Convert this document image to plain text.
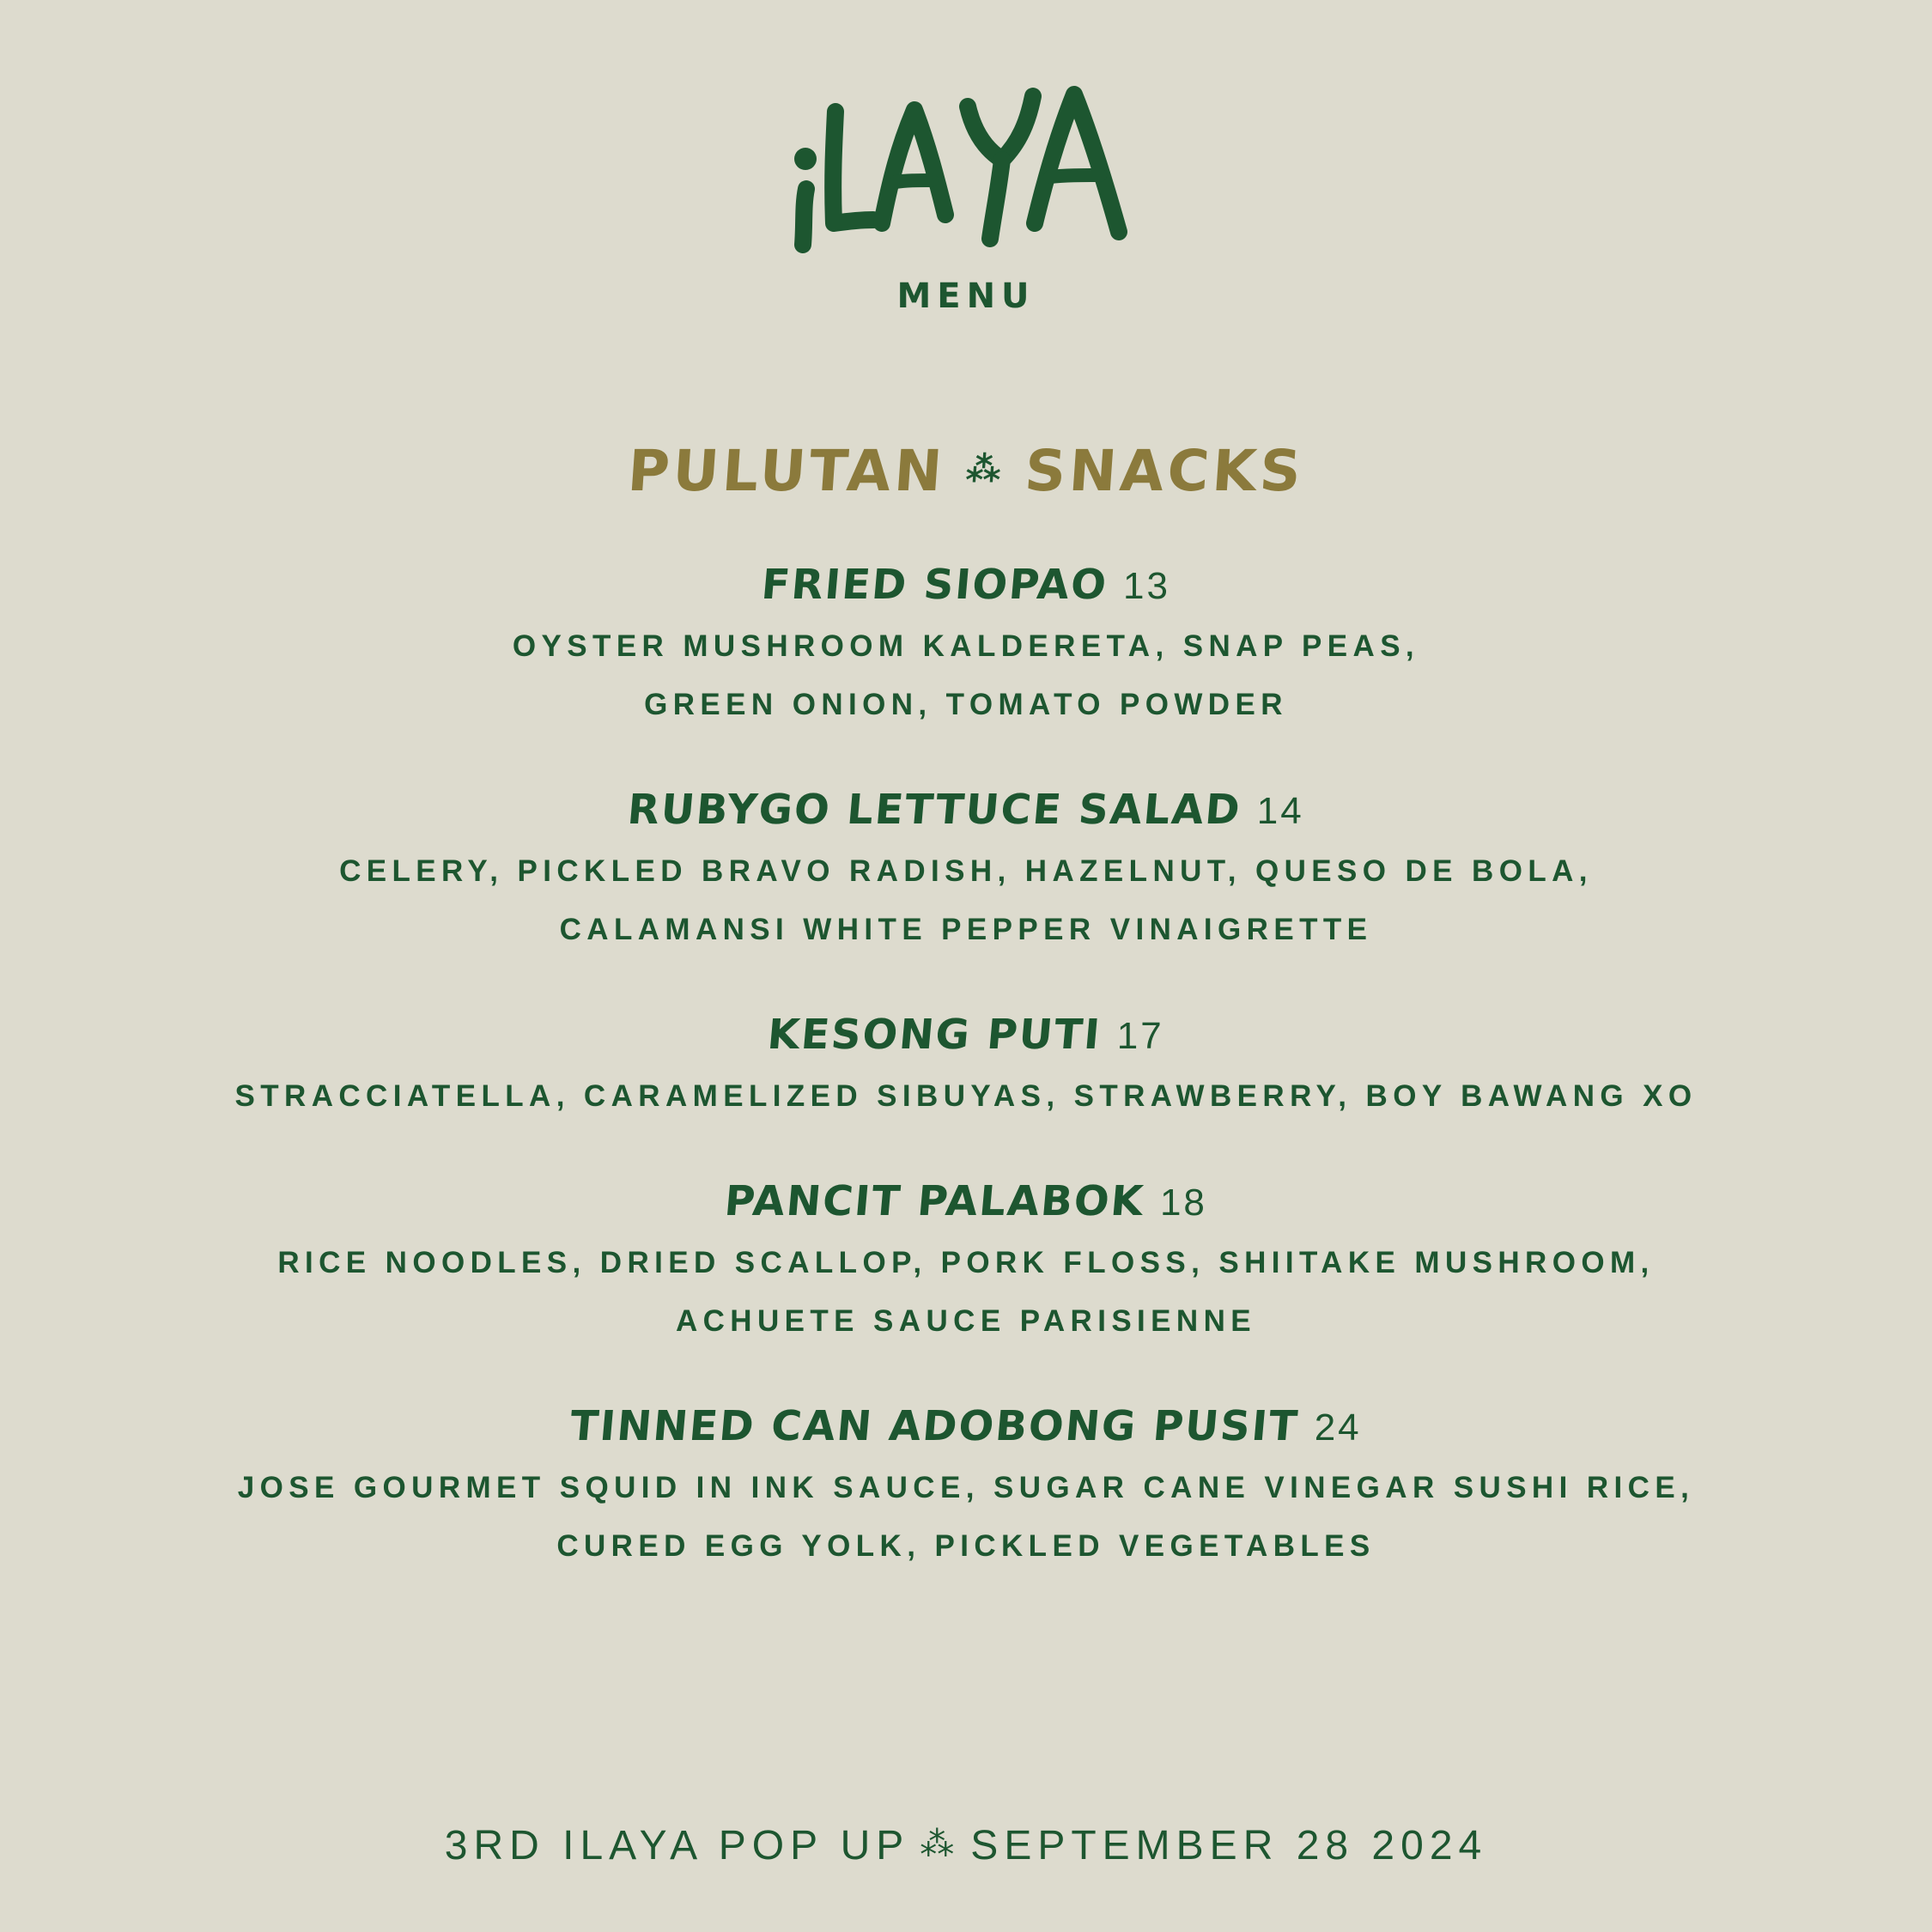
MENU
PULUTAN ⁂ SNACKS
FRIED SIOPAO 13
OYSTER MUSHROOM KALDERETA, SNAP PEAS,
GREEN ONION, TOMATO POWDER
RUBYGO LETTUCE SALAD 14
CELERY, PICKLED BRAVO RADISH, HAZELNUT, QUESO DE BOLA,
CALAMANSI WHITE PEPPER VINAIGRETTE
KESONG PUTI 17
STRACCIATELLA, CARAMELIZED SIBUYAS, STRAWBERRY, BOY BAWANG XO
PANCIT PALABOK 18
RICE NOODLES, DRIED SCALLOP, PORK FLOSS, SHIITAKE MUSHROOM,
ACHUETE SAUCE PARISIENNE
TINNED CAN ADOBONG PUSIT 24
JOSE GOURMET SQUID IN INK SAUCE, SUGAR CANE VINEGAR SUSHI RICE,
CURED EGG YOLK, PICKLED VEGETABLES
3RD ILAYA POP UP ⁂ SEPTEMBER 28 2024
